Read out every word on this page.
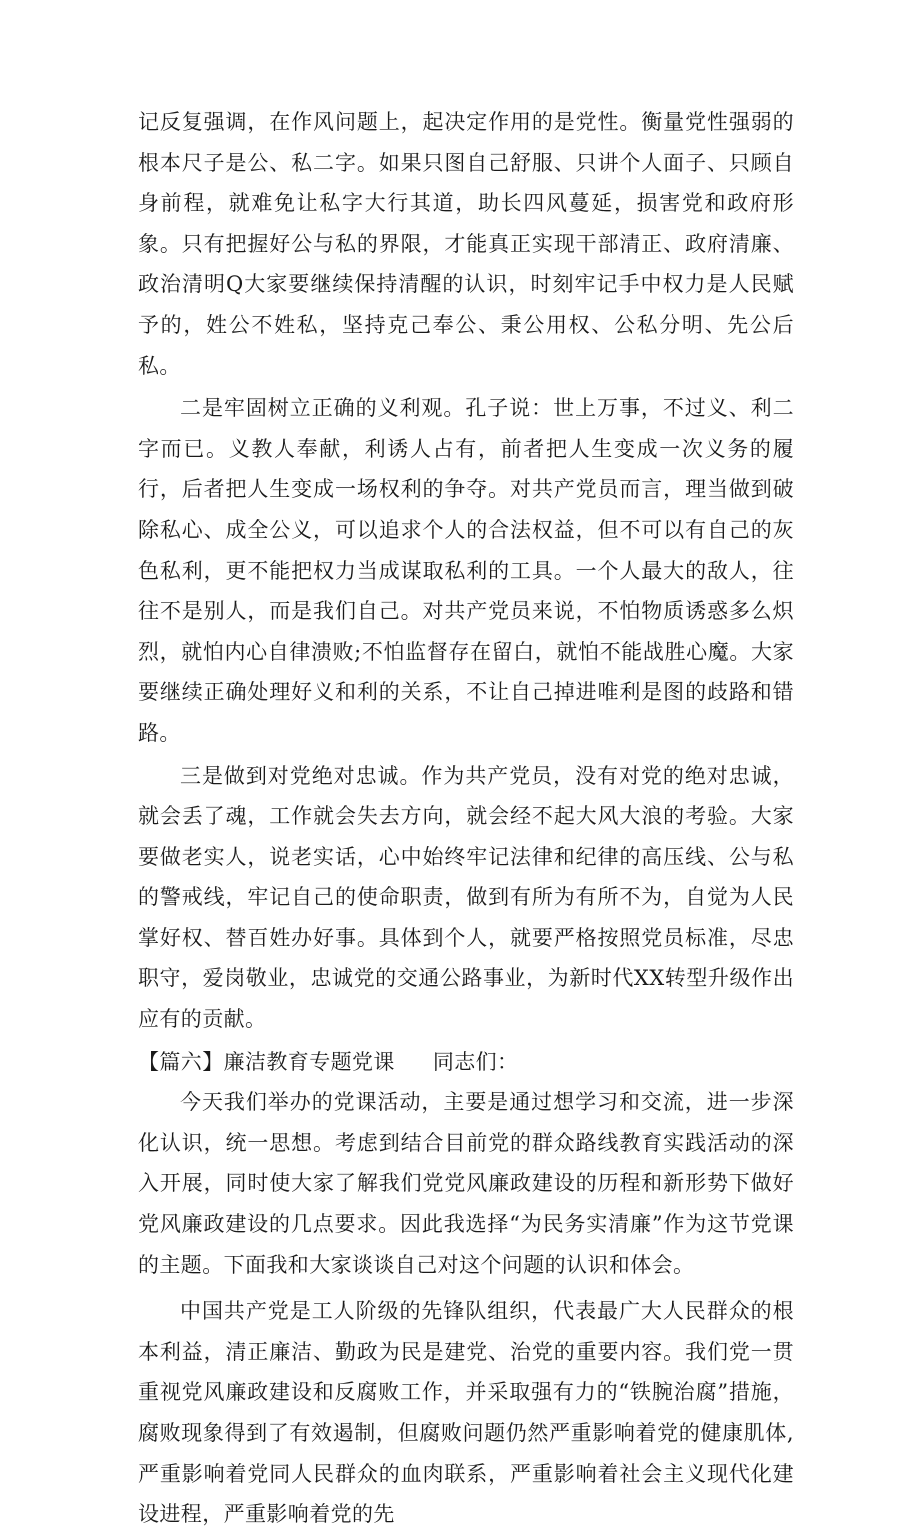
记反复强调，在作风问题上，起决定作用的是党性。衡量党性强弱的根本尺子是公、私二字。如果只图自己舒服、只讲个人面子、只顾自身前程，就难免让私字大行其道，助长四风蔓延，损害党和政府形象。只有把握好公与私的界限，才能真正实现干部清正、政府清廉、政治清明Q大家要继续保持清醒的认识，时刻牢记手中权力是人民赋予的，姓公不姓私，坚持克己奉公、秉公用权、公私分明、先公后私。

二是牢固树立正确的义利观。孔子说：世上万事，不过义、利二字而已。义教人奉献，利诱人占有，前者把人生变成一次义务的履行，后者把人生变成一场权利的争夺。对共产党员而言，理当做到破除私心、成全公义，可以追求个人的合法权益，但不可以有自己的灰色私利，更不能把权力当成谋取私利的工具。一个人最大的敌人，往往不是别人，而是我们自己。对共产党员来说，不怕物质诱惑多么炽烈，就怕内心自律溃败;不怕监督存在留白，就怕不能战胜心魔。大家要继续正确处理好义和利的关系，不让自己掉进唯利是图的歧路和错路。

三是做到对党绝对忠诚。作为共产党员，没有对党的绝对忠诚，就会丢了魂，工作就会失去方向，就会经不起大风大浪的考验。大家要做老实人，说老实话，心中始终牢记法律和纪律的高压线、公与私的警戒线，牢记自己的使命职责，做到有所为有所不为，自觉为人民掌好权、替百姓办好事。具体到个人，就要严格按照党员标准，尽忠职守，爱岗敬业，忠诚党的交通公路事业，为新时代XX转型升级作出应有的贡献。

【篇六】廉洁教育专题党课 同志们：

今天我们举办的党课活动，主要是通过想学习和交流，进一步深化认识，统一思想。考虑到结合目前党的群众路线教育实践活动的深入开展，同时使大家了解我们党党风廉政建设的历程和新形势下做好党风廉政建设的几点要求。因此我选择“为民务实清廉”作为这节党课的主题。下面我和大家谈谈自己对这个问题的认识和体会。

中国共产党是工人阶级的先锋队组织，代表最广大人民群众的根本利益，清正廉洁、勤政为民是建党、治党的重要内容。我们党一贯重视党风廉政建设和反腐败工作，并采取强有力的“铁腕治腐”措施，腐败现象得到了有效遏制，但腐败问题仍然严重影响着党的健康肌体,严重影响着党同人民群众的血肉联系，严重影响着社会主义现代化建设进程，严重影响着党的先
